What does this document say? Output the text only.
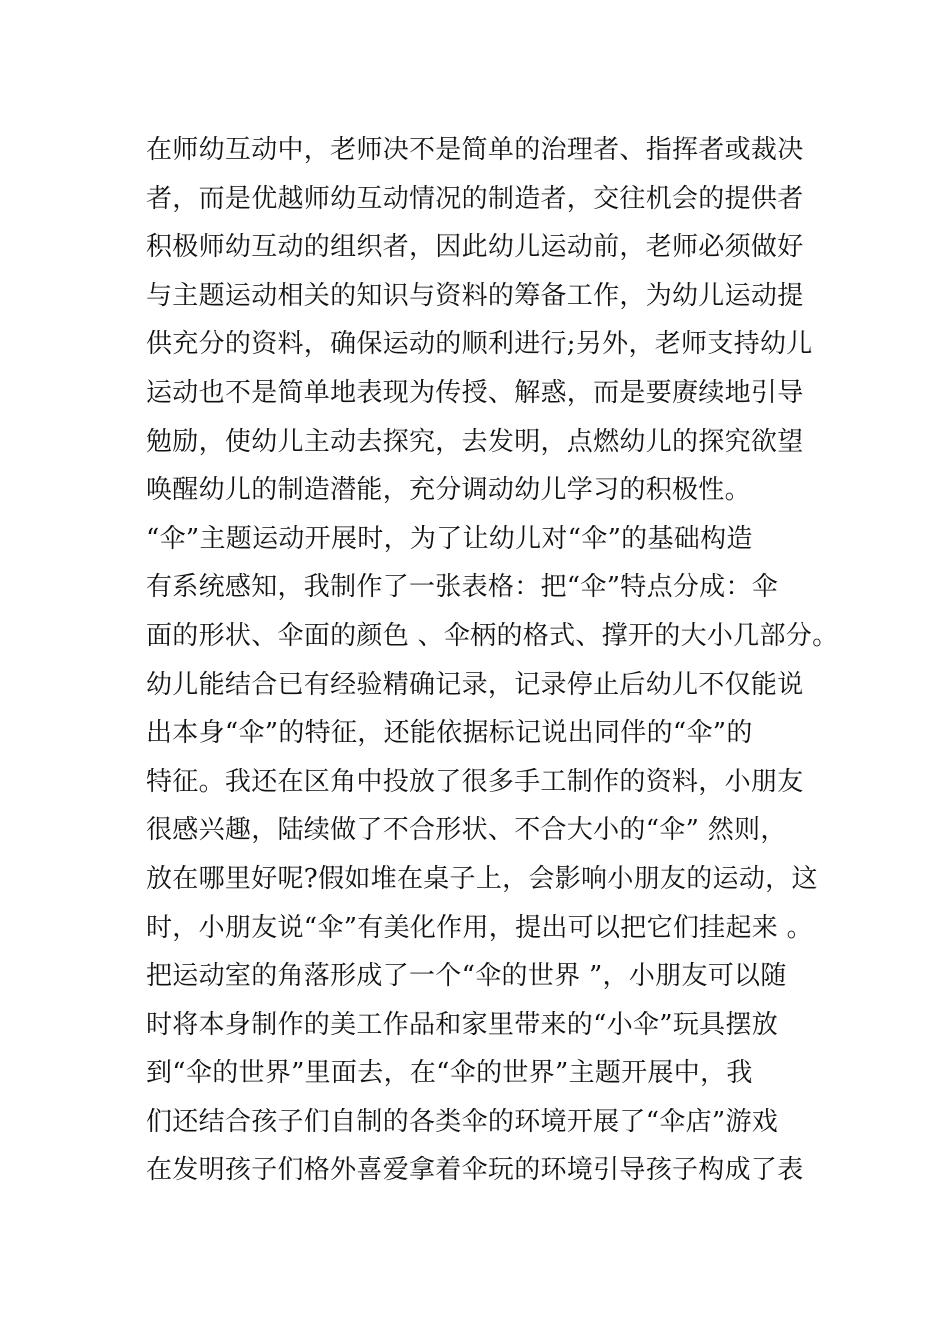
在师幼互动中，老师决不是简单的治理者、指挥者或裁决
者，而是优越师幼互动情况的制造者，交往机会的提供者
积极师幼互动的组织者，因此幼儿运动前，老师必须做好
与主题运动相关的知识与资料的筹备工作，为幼儿运动提
供充分的资料，确保运动的顺利进行;另外，老师支持幼儿
运动也不是简单地表现为传授、解惑，而是要赓续地引导
勉励，使幼儿主动去探究，去发明，点燃幼儿的探究欲望
唤醒幼儿的制造潜能，充分调动幼儿学习的积极性。
“伞”主题运动开展时，为了让幼儿对“伞”的基础构造
有系统感知，我制作了一张表格：把“伞”特点分成：伞
面的形状、伞面的颜色 、伞柄的格式、撑开的大小几部分。
幼儿能结合已有经验精确记录，记录停止后幼儿不仅能说
出本身“伞”的特征，还能依据标记说出同伴的“伞”的
特征。我还在区角中投放了很多手工制作的资料，小朋友
很感兴趣，陆续做了不合形状、不合大小的“伞” 然则，
放在哪里好呢?假如堆在桌子上，会影响小朋友的运动，这
时，小朋友说“伞”有美化作用，提出可以把它们挂起来 。
把运动室的角落形成了一个“伞的世界 ”，小朋友可以随
时将本身制作的美工作品和家里带来的“小伞”玩具摆放
到“伞的世界”里面去，在“伞的世界”主题开展中，我
们还结合孩子们自制的各类伞的环境开展了“伞店”游戏
在发明孩子们格外喜爱拿着伞玩的环境引导孩子构成了表
